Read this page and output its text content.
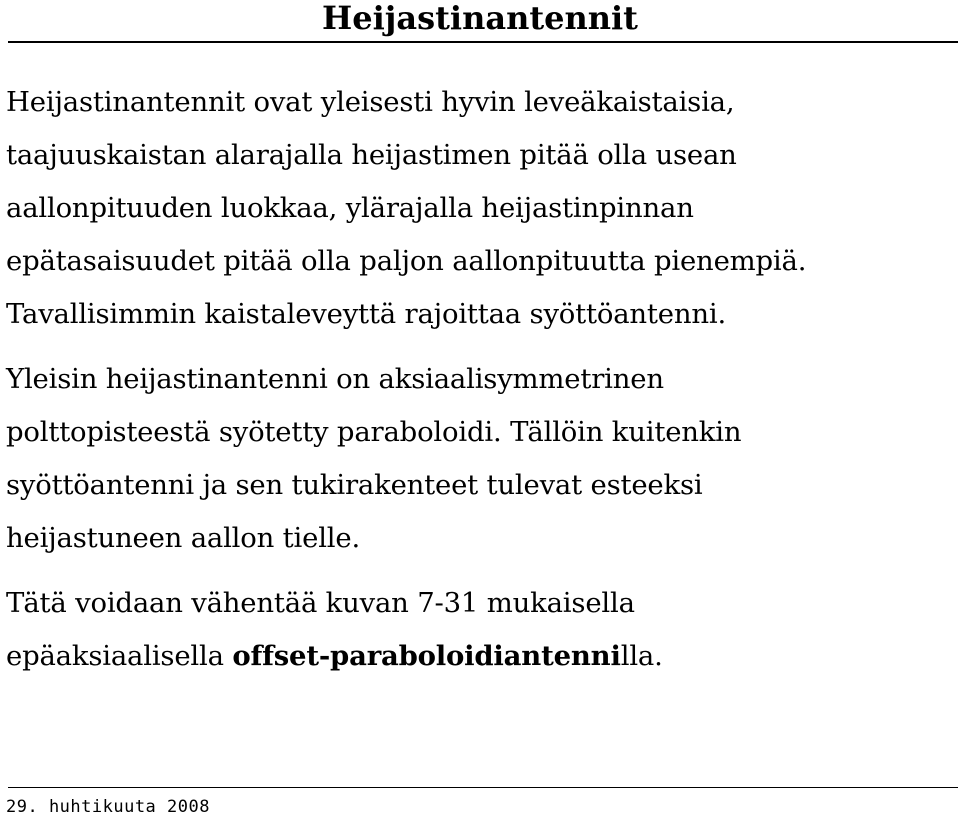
Heijastinantennit

Heijastinantennit ovat yleisesti hyvin leveäkaistaisia,
taajuuskaistan alarajalla heijastimen pitää olla usean
aallonpituuden luokkaa, ylärajalla heijastinpinnan
epätasaisuudet pitää olla paljon aallonpituutta pienempiä.
Tavallisimmin kaistaleveyttä rajoittaa syöttöantenni.

Yleisin heijastinantenni on aksiaalisymmetrinen
polttopisteestä syötetty paraboloidi. Tällöin kuitenkin
syöttöantenni ja sen tukirakenteet tulevat esteeksi
heijastuneen aallon tielle.

Tätä voidaan vähentää kuvan 7-31 mukaisella
epäaksiaalisella offset-paraboloidiantennilla.

29. huhtikuuta 2008
